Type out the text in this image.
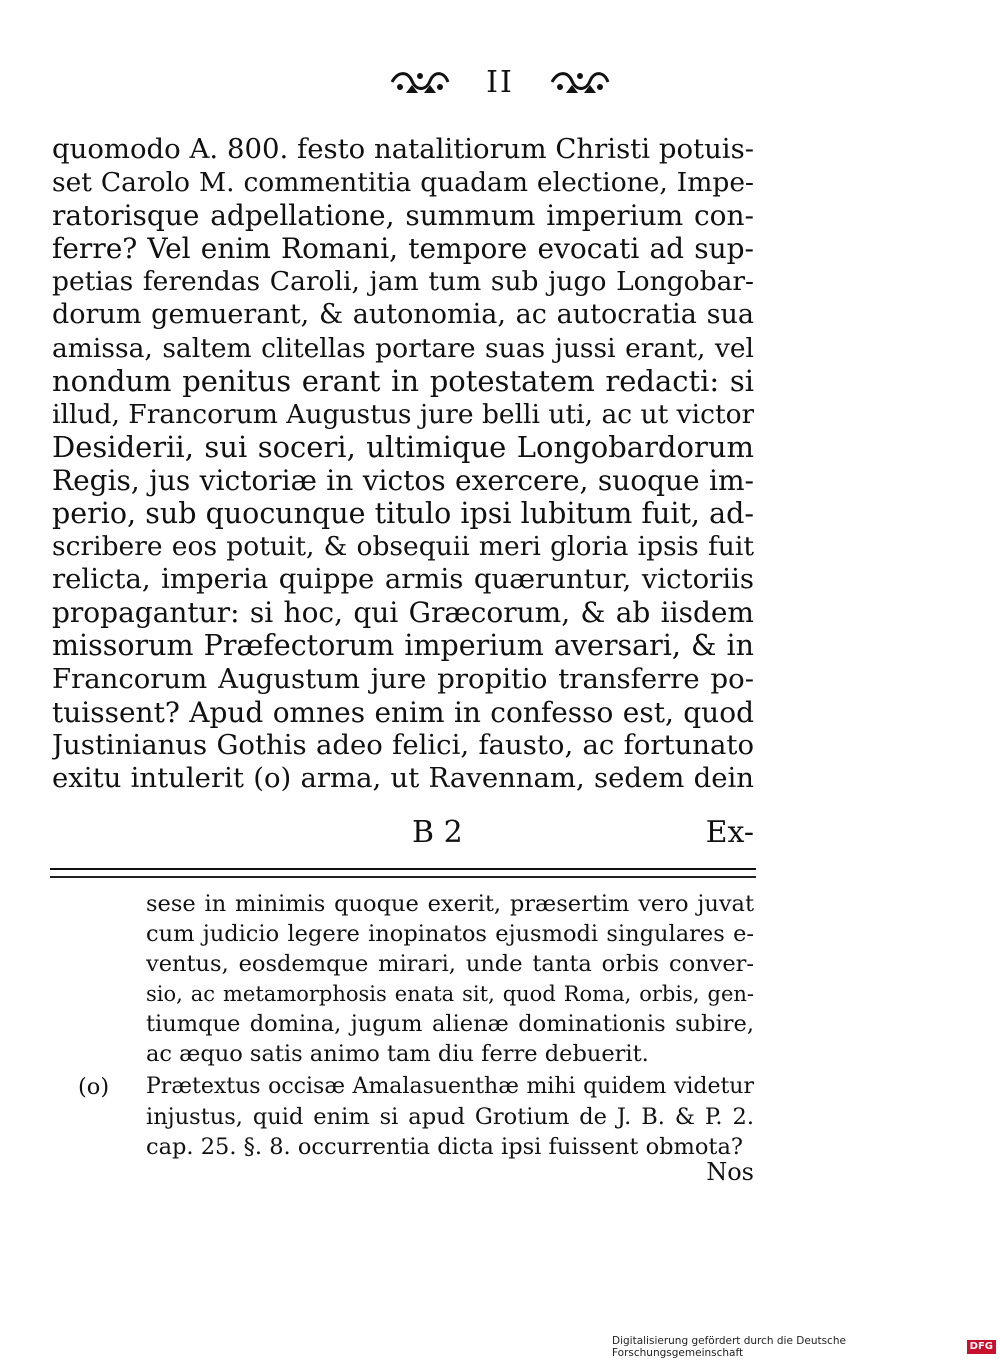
II
quomodo A. 800. festo natalitiorum Christi potuis-
set Carolo M. commentitia quadam electione, Impe-
ratorisque adpellatione, summum imperium con-
ferre? Vel enim Romani, tempore evocati ad sup-
petias ferendas Caroli, jam tum sub jugo Longobar-
dorum gemuerant, & autonomia, ac autocratia sua
amissa, saltem clitellas portare suas jussi erant, vel
nondum penitus erant in potestatem redacti: si
illud, Francorum Augustus jure belli uti, ac ut victor
Desiderii, sui soceri, ultimique Longobardorum
Regis, jus victoriæ in victos exercere, suoque im-
perio, sub quocunque titulo ipsi lubitum fuit, ad-
scribere eos potuit, & obsequii meri gloria ipsis fuit
relicta, imperia quippe armis quæruntur, victoriis
propagantur: si hoc, qui Græcorum, & ab iisdem
missorum Præfectorum imperium aversari, & in
Francorum Augustum jure propitio transferre po-
tuissent? Apud omnes enim in confesso est, quod
Justinianus Gothis adeo felici, fausto, ac fortunato
exitu intulerit (o) arma, ut Ravennam, sedem dein
B 2	Ex-
sese in minimis quoque exerit, præsertim vero juvat
cum judicio legere inopinatos ejusmodi singulares e-
ventus, eosdemque mirari, unde tanta orbis conver-
sio, ac metamorphosis enata sit, quod Roma, orbis, gen-
tiumque domina, jugum alienæ dominationis subire,
ac æquo satis animo tam diu ferre debuerit.
(o) Prætextus occisæ Amalasuenthæ mihi quidem videtur
injustus, quid enim si apud Grotium de J. B. & P. 2.
cap. 25. §. 8. occurrentia dicta ipsi fuissent obmota?
Nos
Digitalisierung gefördert durch die Deutsche Forschungsgemeinschaft
DFG
